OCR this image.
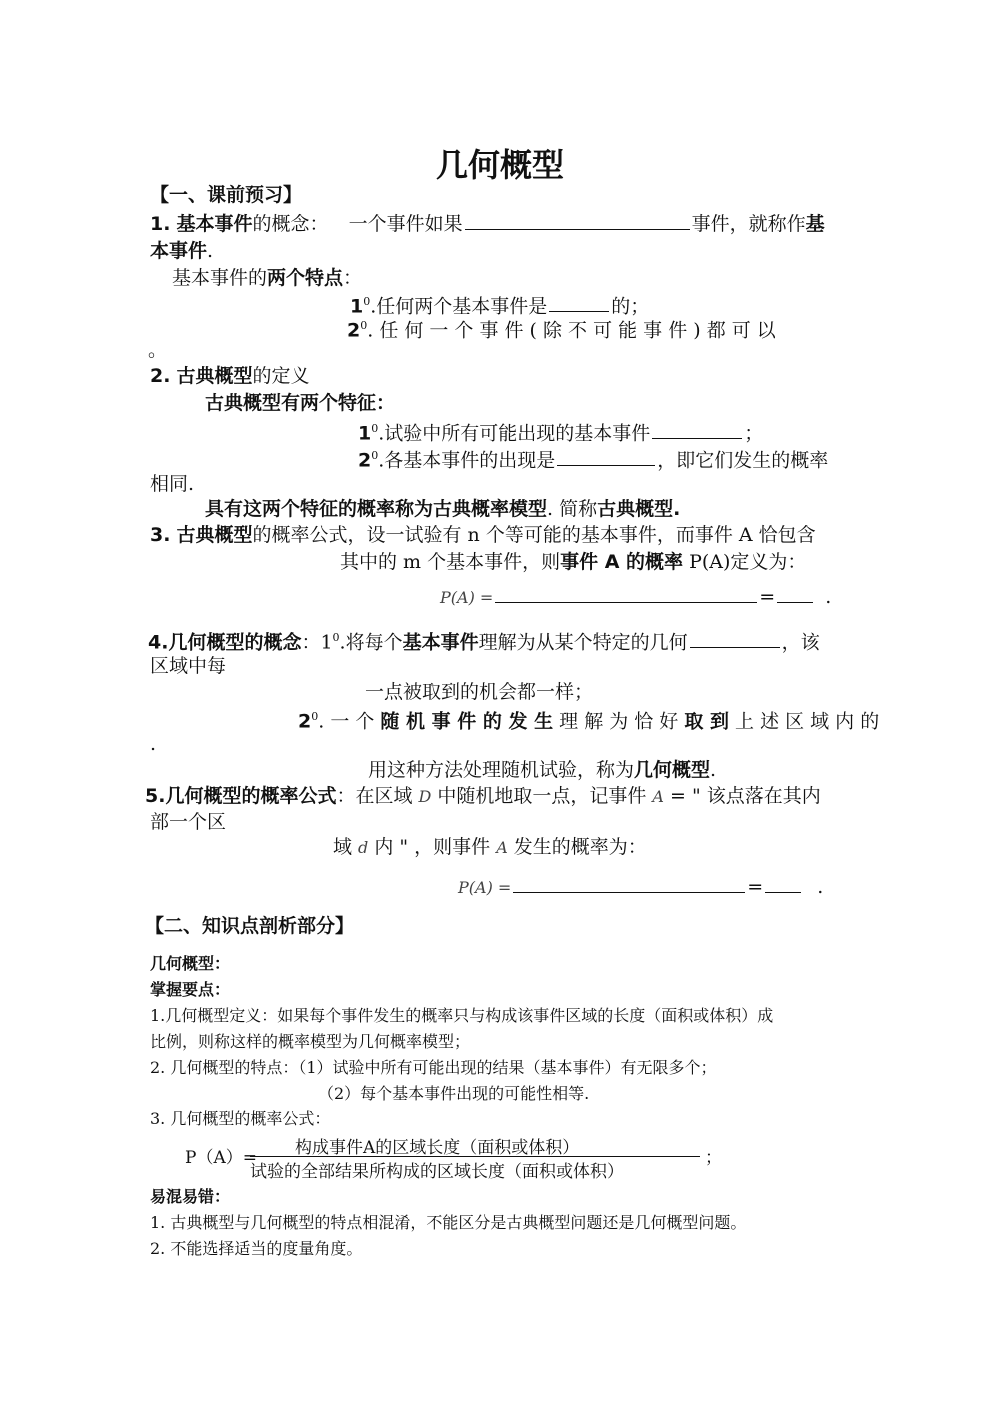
几何概型
【一、课前预习】
1. 基本事件的概念： 一个事件如果	事件，就称作基
本事件.
基本事件的两个特点：
$1^0$.任何两个基本事件是	的；
$2^0$. 任 何 一 个 事 件 ( 除 不 可 能 事 件 ) 都 可 以
。
2. 古典概型的定义
古典概型有两个特征：
$1^0$.试验中所有可能出现的基本事件	；
$2^0$.各基本事件的出现是	，即它们发生的概率
相同.
具有这两个特征的概率称为古典概率模型. 简称古典概型.
3. 古典概型的概率公式，设一试验有 n 个等可能的基本事件，而事件 A 恰包含
其中的 m 个基本事件，则事件 A 的概率 P(A)定义为：
P(A) =	=	.
4.几何概型的概念：$1^0$.将每个基本事件理解为从某个特定的几何	，该
区域中每
一点被取到的机会都一样；
$2^0$. 一 个 随 机 事 件 的 发 生 理 解 为 恰 好 取 到 上 述 区 域 内 的
.
用这种方法处理随机试验，称为几何概型.
5.几何概型的概率公式：在区域 D 中随机地取一点，记事件 A = " 该点落在其内
部一个区
域 d 内 " ，则事件 A 发生的概率为：
P(A) =	=	.
【二、知识点剖析部分】
几何概型：
掌握要点：
1.几何概型定义：如果每个事件发生的概率只与构成该事件区域的长度（面积或体积）成
比例，则称这样的概率模型为几何概率模型；
2. 几何概型的特点：（1）试验中所有可能出现的结果（基本事件）有无限多个；
（2）每个基本事件出现的可能性相等.
3. 几何概型的概率公式：
P（A）= 构成事件A的区域长度（面积或体积）
试验的全部结果所构成的区域长度（面积或体积）
；
易混易错：
1. 古典概型与几何概型的特点相混淆，不能区分是古典概型问题还是几何概型问题。
2. 不能选择适当的度量角度。
